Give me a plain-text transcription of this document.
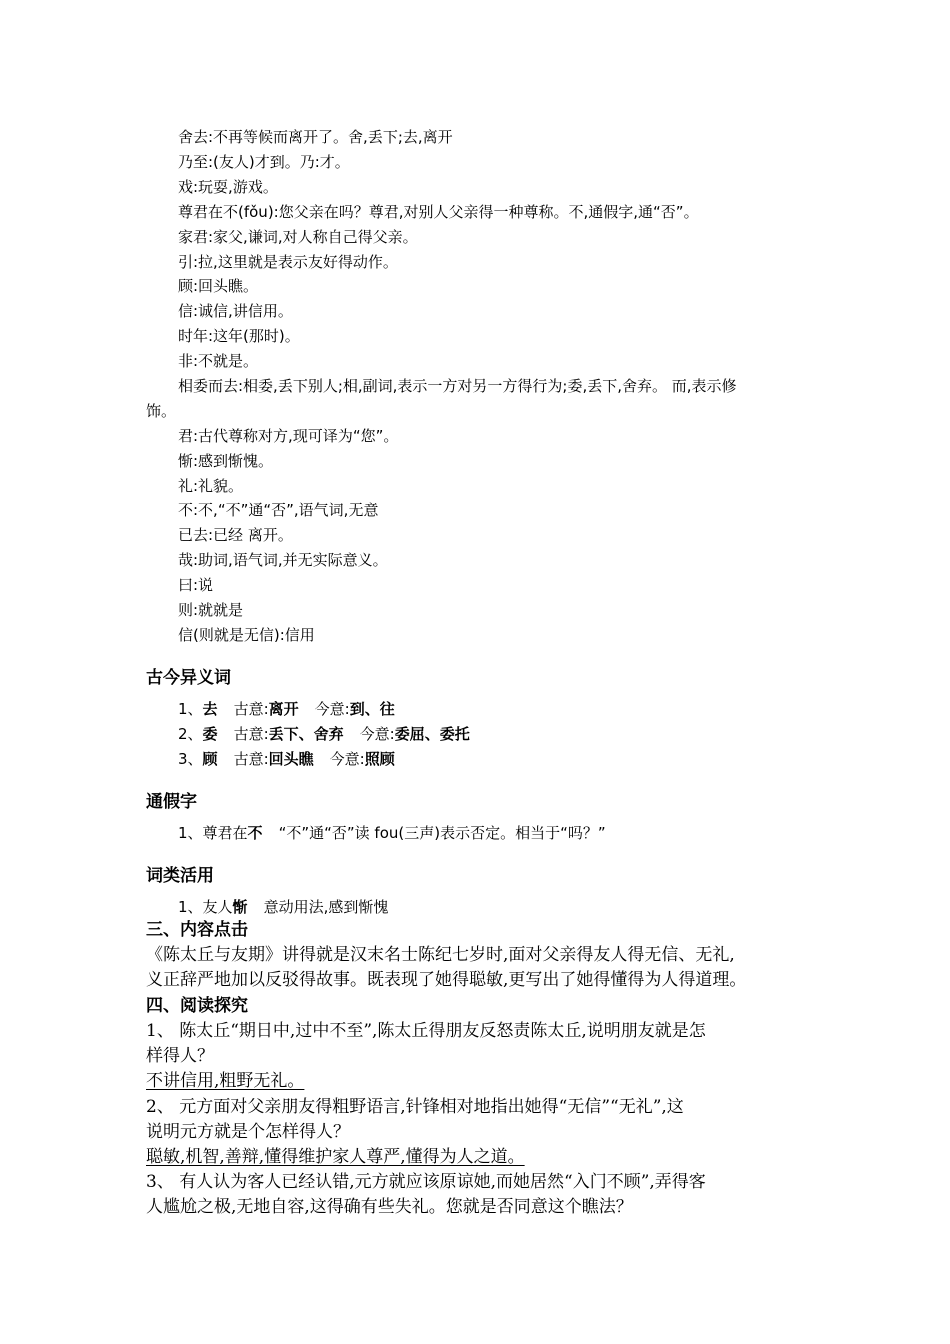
舍去:不再等候而离开了。舍,丢下;去,离开
乃至:(友人)才到。乃:才。
戏:玩耍,游戏。
尊君在不(fǒu):您父亲在吗？尊君,对别人父亲得一种尊称。不,通假字,通“否”。
家君:家父,谦词,对人称自己得父亲。
引:拉,这里就是表示友好得动作。
顾:回头瞧。
信:诚信,讲信用。
时年:这年(那时)。
非:不就是。
相委而去:相委,丢下别人;相,副词,表示一方对另一方得行为;委,丢下,舍弃。 而,表示修
饰。
君:古代尊称对方,现可译为“您”。
惭:感到惭愧。
礼:礼貌。
不:不,“不”通“否”,语气词,无意
已去:已经 离开。
哉:助词,语气词,并无实际意义。
曰:说
则:就就是
信(则就是无信):信用
古今异义词
1、去 古意:离开 今意:到、往
2、委 古意:丢下、舍弃 今意:委屈、委托
3、顾 古意:回头瞧 今意:照顾
通假字
1、尊君在不 “不”通“否”读 fou(三声)表示否定。相当于“吗？”
词类活用
1、友人惭 意动用法,感到惭愧
三、内容点击
《陈太丘与友期》讲得就是汉末名士陈纪七岁时,面对父亲得友人得无信、无礼,
义正辞严地加以反驳得故事。既表现了她得聪敏,更写出了她得懂得为人得道理。
四、阅读探究
1、 陈太丘“期日中,过中不至”,陈太丘得朋友反怒责陈太丘,说明朋友就是怎
样得人？
不讲信用,粗野无礼。
2、 元方面对父亲朋友得粗野语言,针锋相对地指出她得“无信”“无礼”,这
说明元方就是个怎样得人？
聪敏,机智,善辩,懂得维护家人尊严,懂得为人之道。
3、 有人认为客人已经认错,元方就应该原谅她,而她居然“入门不顾”,弄得客
人尴尬之极,无地自容,这得确有些失礼。您就是否同意这个瞧法？
